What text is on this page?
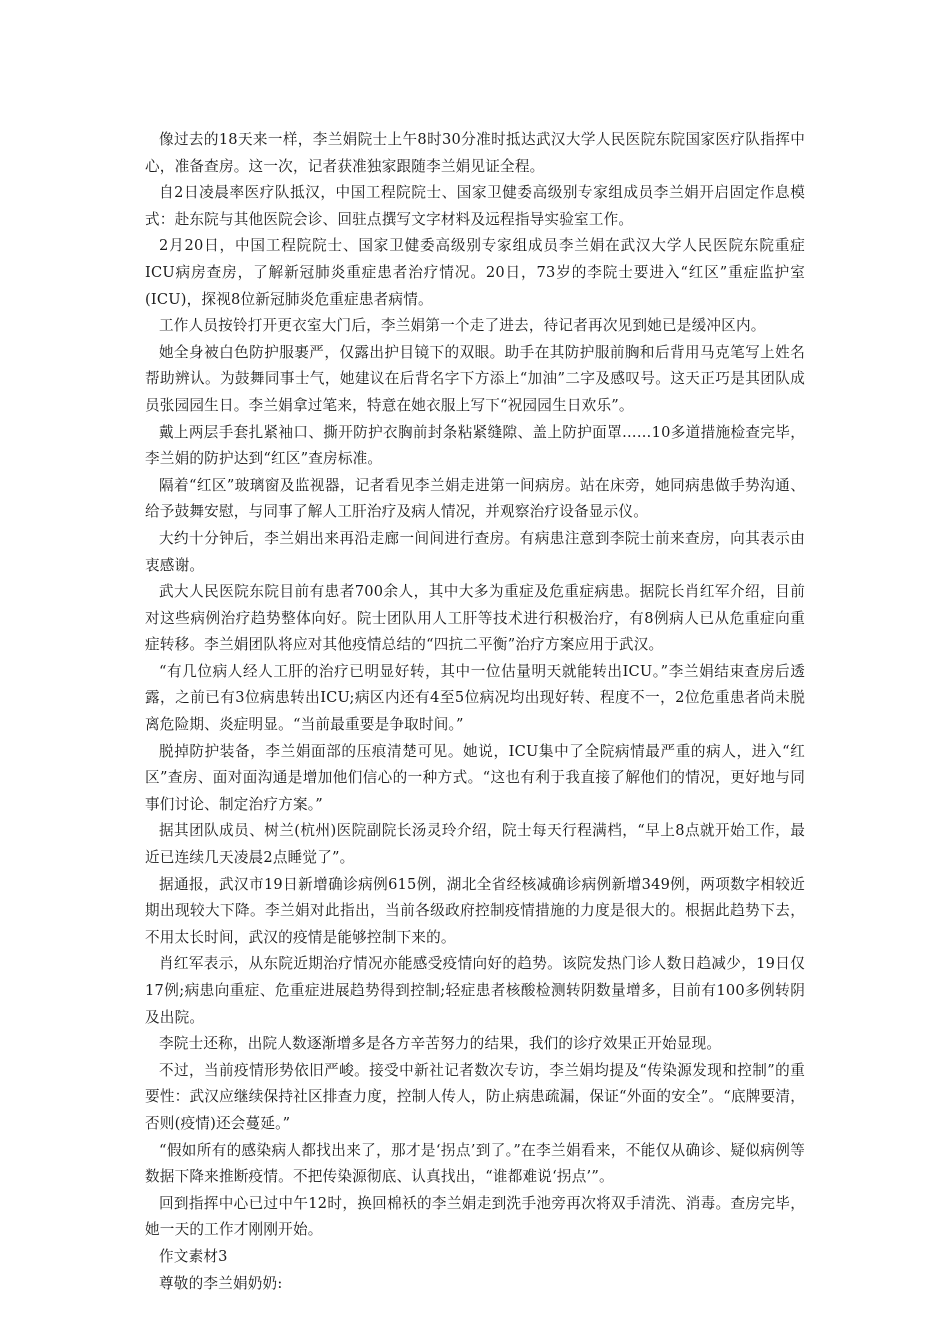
像过去的18天来一样，李兰娟院士上午8时30分准时抵达武汉大学人民医院东院国家医疗队指挥中心，准备查房。这一次，记者获准独家跟随李兰娟见证全程。

自2日凌晨率医疗队抵汉，中国工程院院士、国家卫健委高级别专家组成员李兰娟开启固定作息模式：赴东院与其他医院会诊、回驻点撰写文字材料及远程指导实验室工作。

2月20日，中国工程院院士、国家卫健委高级别专家组成员李兰娟在武汉大学人民医院东院重症ICU病房查房，了解新冠肺炎重症患者治疗情况。20日，73岁的李院士要进入“红区”重症监护室(ICU)，探视8位新冠肺炎危重症患者病情。

工作人员按铃打开更衣室大门后，李兰娟第一个走了进去，待记者再次见到她已是缓冲区内。

她全身被白色防护服裹严，仅露出护目镜下的双眼。助手在其防护服前胸和后背用马克笔写上姓名帮助辨认。为鼓舞同事士气，她建议在后背名字下方添上“加油”二字及感叹号。这天正巧是其团队成员张园园生日。李兰娟拿过笔来，特意在她衣服上写下“祝园园生日欢乐”。

戴上两层手套扎紧袖口、撕开防护衣胸前封条粘紧缝隙、盖上防护面罩……10多道措施检查完毕，李兰娟的防护达到“红区”查房标准。

隔着“红区”玻璃窗及监视器，记者看见李兰娟走进第一间病房。站在床旁，她同病患做手势沟通、给予鼓舞安慰，与同事了解人工肝治疗及病人情况，并观察治疗设备显示仪。

大约十分钟后，李兰娟出来再沿走廊一间间进行查房。有病患注意到李院士前来查房，向其表示由衷感谢。

武大人民医院东院目前有患者700余人，其中大多为重症及危重症病患。据院长肖红军介绍，目前对这些病例治疗趋势整体向好。院士团队用人工肝等技术进行积极治疗，有8例病人已从危重症向重症转移。李兰娟团队将应对其他疫情总结的“四抗二平衡”治疗方案应用于武汉。

“有几位病人经人工肝的治疗已明显好转，其中一位估量明天就能转出ICU。”李兰娟结束查房后透露，之前已有3位病患转出ICU;病区内还有4至5位病况均出现好转、程度不一，2位危重患者尚未脱离危险期、炎症明显。“当前最重要是争取时间。”

脱掉防护装备，李兰娟面部的压痕清楚可见。她说，ICU集中了全院病情最严重的病人，进入“红区”查房、面对面沟通是增加他们信心的一种方式。“这也有利于我直接了解他们的情况，更好地与同事们讨论、制定治疗方案。”

据其团队成员、树兰(杭州)医院副院长汤灵玲介绍，院士每天行程满档，“早上8点就开始工作，最近已连续几天凌晨2点睡觉了”。

据通报，武汉市19日新增确诊病例615例，湖北全省经核减确诊病例新增349例，两项数字相较近期出现较大下降。李兰娟对此指出，当前各级政府控制疫情措施的力度是很大的。根据此趋势下去，不用太长时间，武汉的疫情是能够控制下来的。

肖红军表示，从东院近期治疗情况亦能感受疫情向好的趋势。该院发热门诊人数日趋减少，19日仅17例;病患向重症、危重症进展趋势得到控制;轻症患者核酸检测转阴数量增多，目前有100多例转阴及出院。

李院士还称，出院人数逐渐增多是各方辛苦努力的结果，我们的诊疗效果正开始显现。

不过，当前疫情形势依旧严峻。接受中新社记者数次专访，李兰娟均提及“传染源发现和控制”的重要性：武汉应继续保持社区排查力度，控制人传人，防止病患疏漏，保证“外面的安全”。“底牌要清，否则(疫情)还会蔓延。”

“假如所有的感染病人都找出来了，那才是‘拐点’到了。”在李兰娟看来，不能仅从确诊、疑似病例等数据下降来推断疫情。不把传染源彻底、认真找出，“谁都难说‘拐点’”。

回到指挥中心已过中午12时，换回棉袄的李兰娟走到洗手池旁再次将双手清洗、消毒。查房完毕，她一天的工作才刚刚开始。

作文素材3

尊敬的李兰娟奶奶:
